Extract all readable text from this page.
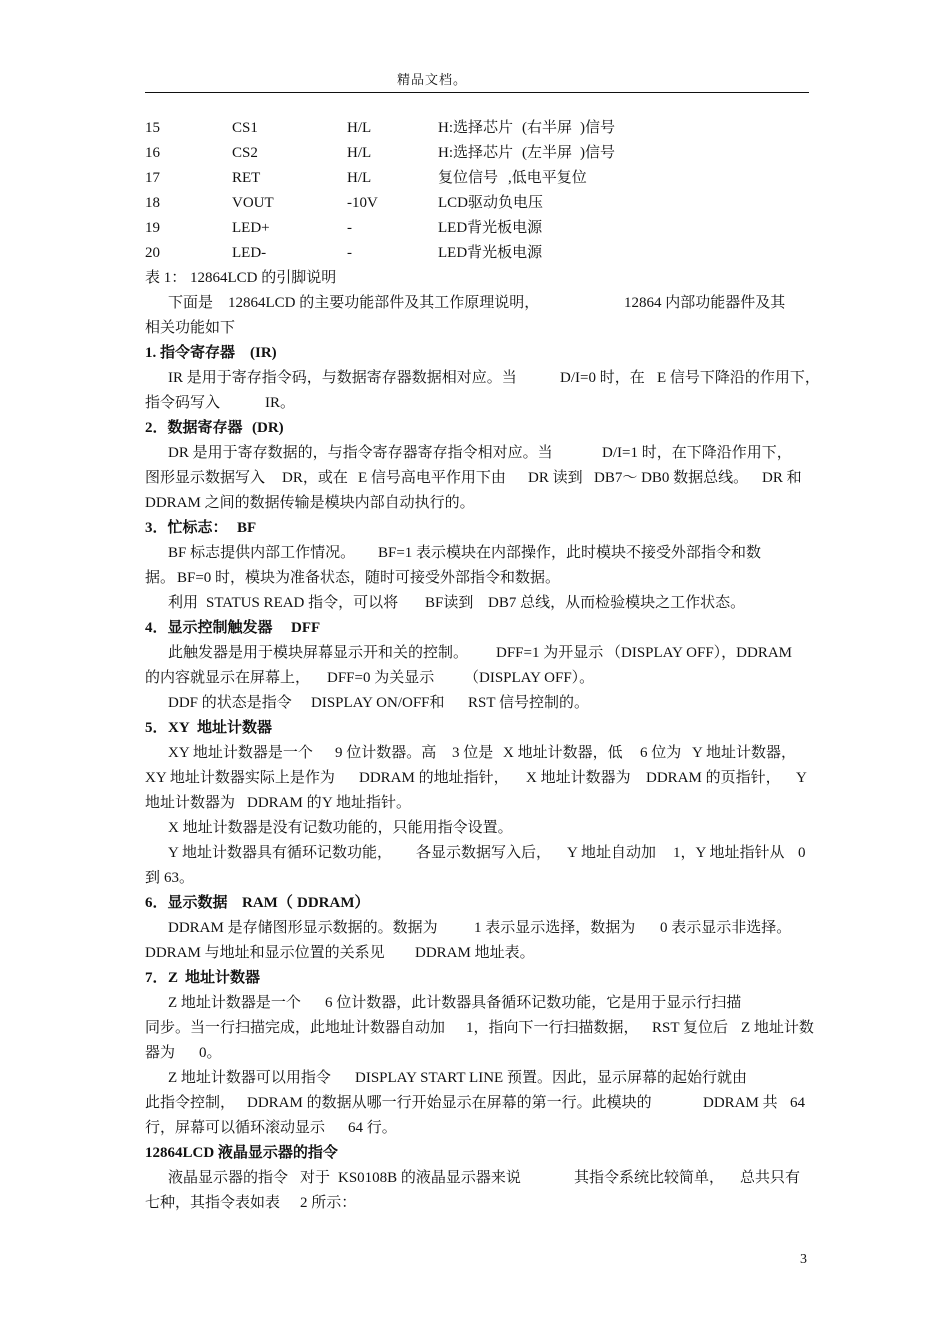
精品文档。
15	CS1	H/L	H:选择芯片 (右半屏 )信号
16	CS2	H/L	H:选择芯片 (左半屏 )信号
17	RET	H/L	复位信号 ,低电平复位
18	VOUT	-10V	LCD驱动负电压
19	LED+	-	LED背光板电源
20	LED-	-	LED背光板电源
表 1： 12864LCD 的引脚说明
下面是 12864LCD 的主要功能部件及其工作原理说明，	12864 内部功能器件及其
相关功能如下
1. 指令寄存器 (IR)
IR 是用于寄存指令码，与数据寄存器数据相对应。当	D/I=0 时，在 E 信号下降沿的作用下，
指令码写入	IR。
2．数据寄存器 (DR)
DR 是用于寄存数据的，与指令寄存器寄存指令相对应。当	D/I=1 时，在下降沿作用下，
图形显示数据写入 DR，或在 E 信号高电平作用下由 DR 读到 DB7～ DB0 数据总线。 DR 和
DDRAM 之间的数据传输是模块内部自动执行的。
3．忙标志： BF
BF 标志提供内部工作情况。 BF=1 表示模块在内部操作，此时模块不接受外部指令和数
据。 BF=0 时，模块为准备状态，随时可接受外部指令和数据。
利用 STATUS READ 指令，可以将 BF读到 DB7 总线，从而检验模块之工作状态。
4．显示控制触发器 DFF
此触发器是用于模块屏幕显示开和关的控制。 DFF=1 为开显示 （DISPLAY OFF），DDRAM
的内容就显示在屏幕上， DFF=0 为关显示 （DISPLAY OFF）。
DDF 的状态是指令 DISPLAY ON/OFF和 RST 信号控制的。
5． XY 地址计数器
XY 地址计数器是一个 9 位计数器。高 3 位是 X 地址计数器，低 6 位为 Y 地址计数器，
XY 地址计数器实际上是作为 DDRAM 的地址指针， X 地址计数器为 DDRAM 的页指针， Y
地址计数器为 DDRAM 的 Y 地址指针。
X 地址计数器是没有记数功能的，只能用指令设置。
Y 地址计数器具有循环记数功能， 各显示数据写入后， Y 地址自动加 1，Y 地址指针从 0
到 63。
6．显示数据 RAM（ DDRAM）
DDRAM 是存储图形显示数据的。数据为 1 表示显示选择，数据为 0 表示显示非选择。
DDRAM 与地址和显示位置的关系见 DDRAM 地址表。
7． Z 地址计数器
Z 地址计数器是一个 6 位计数器，此计数器具备循环记数功能，它是用于显示行扫描
同步。当一行扫描完成，此地址计数器自动加 1，指向下一行扫描数据， RST 复位后 Z 地址计数
器为 0。
Z 地址计数器可以用指令 DISPLAY START LINE 预置。因此，显示屏幕的起始行就由
此指令控制， DDRAM 的数据从哪一行开始显示在屏幕的第一行。此模块的	DDRAM 共 64
行，屏幕可以循环滚动显示 64 行。
12864LCD 液晶显示器的指令
液晶显示器的指令 对于 KS0108B 的液晶显示器来说	其指令系统比较简单， 总共只有
七种，其指令表如表 2 所示：
3
